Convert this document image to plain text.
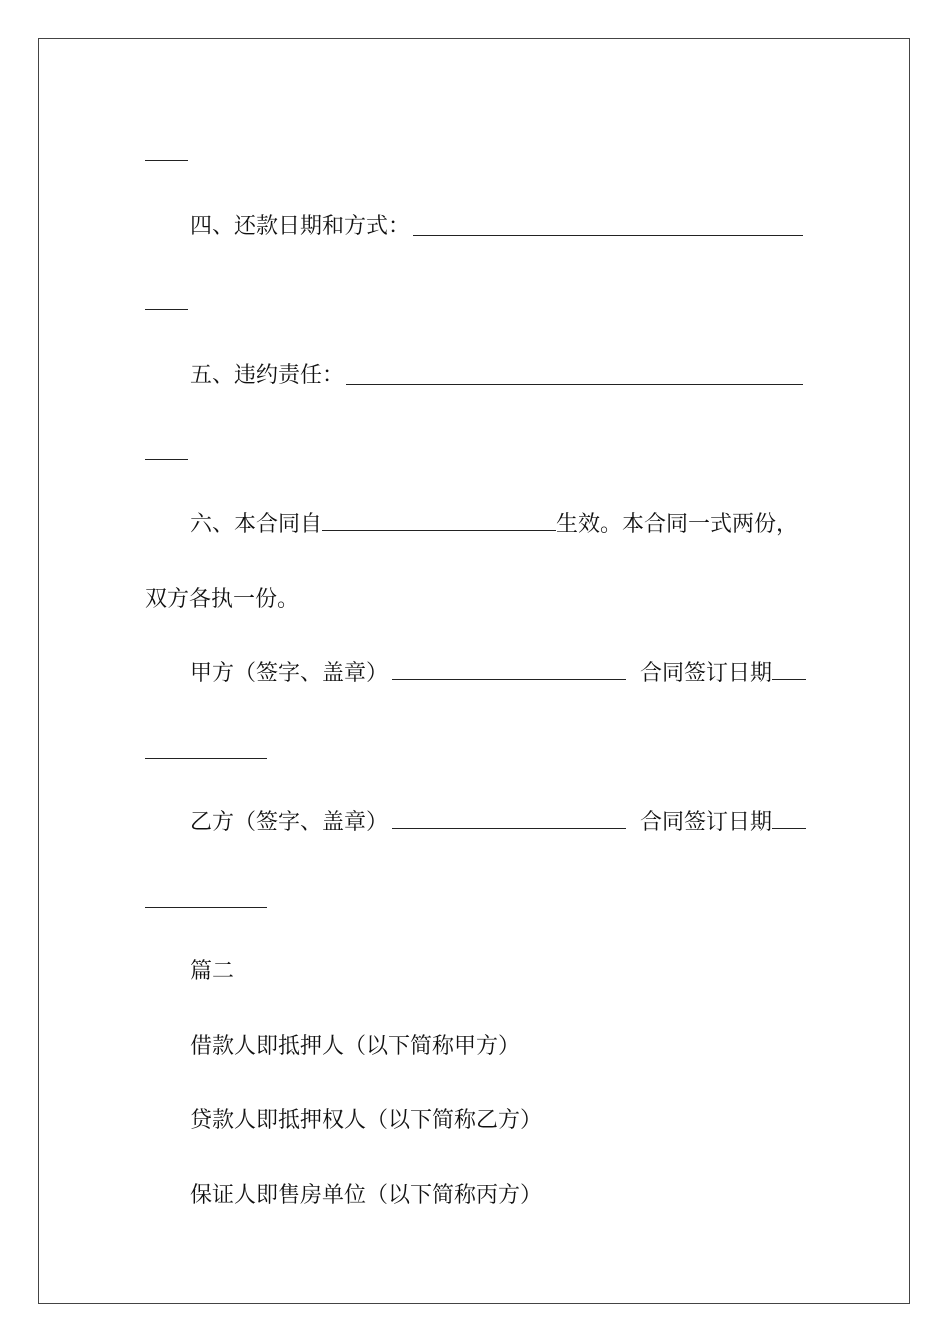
四、还款日期和方式：
五、违约责任：
六、本合同自	生效。本合同一式两份，
双方各执一份。
甲方（签字、盖章）	合同签订日期
乙方（签字、盖章）	合同签订日期
篇二
借款人即抵押人（以下简称甲方）
贷款人即抵押权人（以下简称乙方）
保证人即售房单位（以下简称丙方）
